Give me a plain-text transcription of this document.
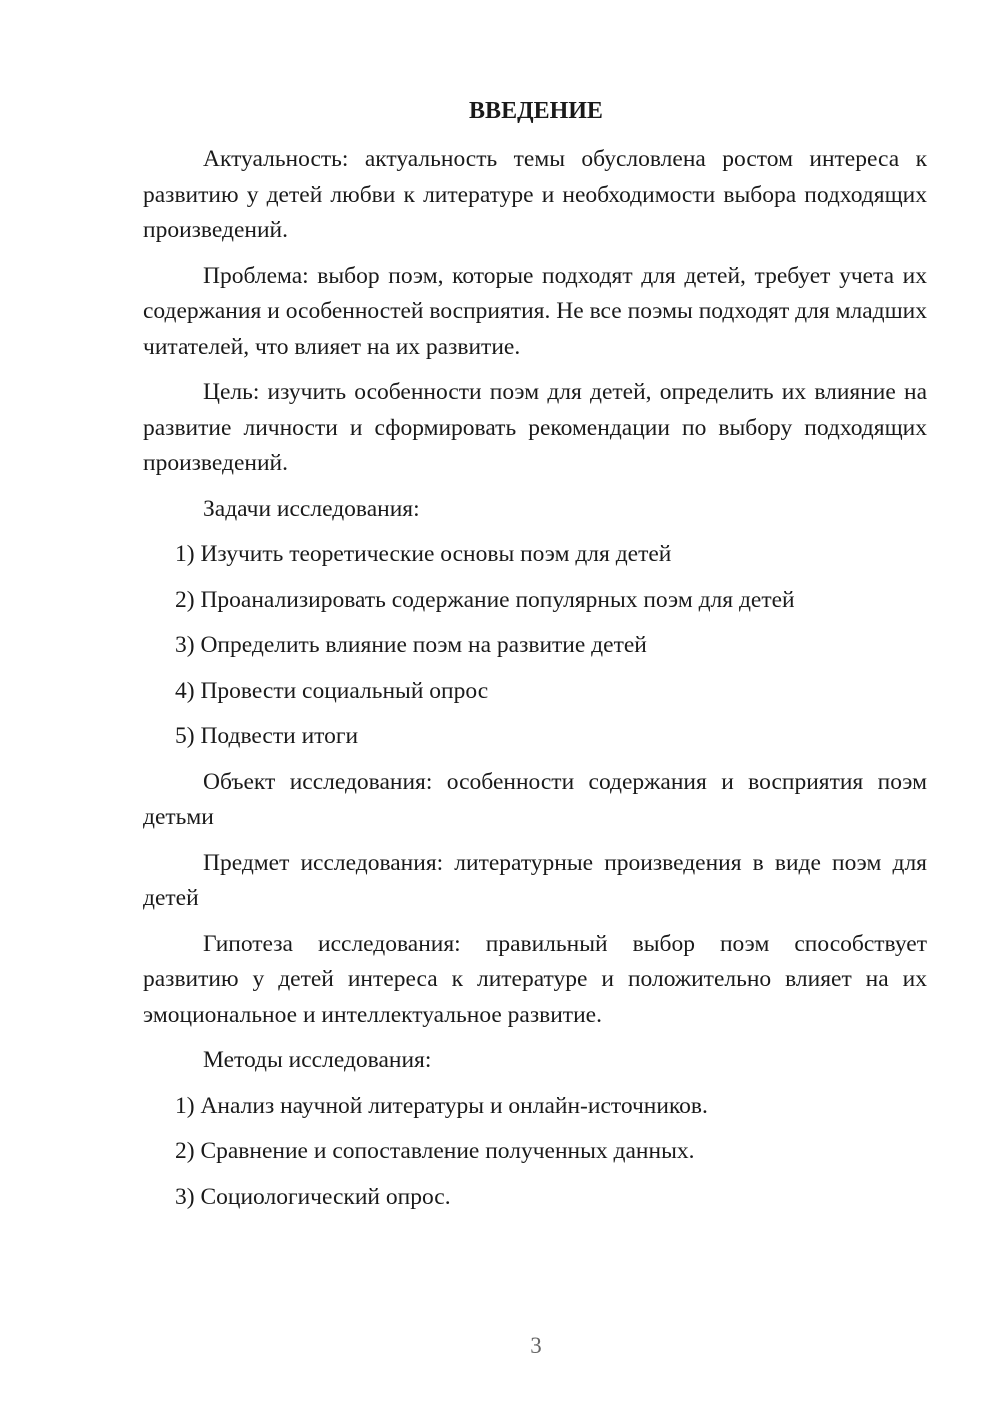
ВВЕДЕНИЕ

Актуальность: актуальность темы обусловлена ростом интереса к развитию у детей любви к литературе и необходимости выбора подходящих произведений.

Проблема: выбор поэм, которые подходят для детей, требует учета их содержания и особенностей восприятия. Не все поэмы подходят для младших читателей, что влияет на их развитие.

Цель: изучить особенности поэм для детей, определить их влияние на развитие личности и сформировать рекомендации по выбору подходящих произведений.

Задачи исследования:

1) Изучить теоретические основы поэм для детей
2) Проанализировать содержание популярных поэм для детей
3) Определить влияние поэм на развитие детей
4) Провести социальный опрос
5) Подвести итоги

Объект исследования: особенности содержания и восприятия поэм детьми

Предмет исследования: литературные произведения в виде поэм для детей

Гипотеза исследования: правильный выбор поэм способствует развитию у детей интереса к литературе и положительно влияет на их эмоциональное и интеллектуальное развитие.

Методы исследования:

1) Анализ научной литературы и онлайн-источников.
2) Сравнение и сопоставление полученных данных.
3) Социологический опрос.
3
